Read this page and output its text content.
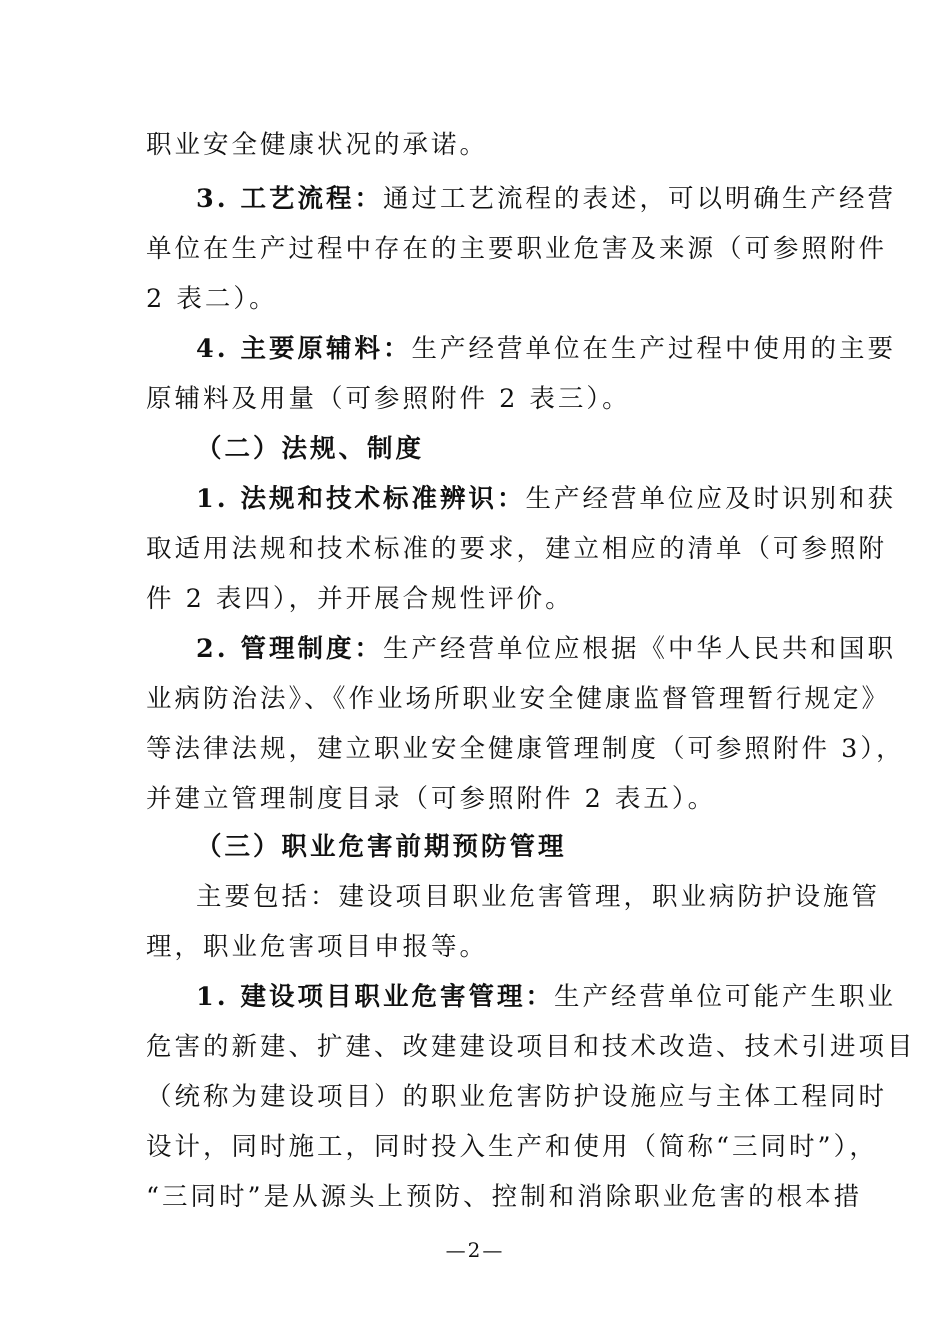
职业安全健康状况的承诺。
3. 工艺流程：通过工艺流程的表述，可以明确生产经营
单位在生产过程中存在的主要职业危害及来源（可参照附件
2 表二）。
4. 主要原辅料：生产经营单位在生产过程中使用的主要
原辅料及用量（可参照附件 2 表三）。
（二）法规、制度
1. 法规和技术标准辨识：生产经营单位应及时识别和获
取适用法规和技术标准的要求，建立相应的清单（可参照附
件 2 表四），并开展合规性评价。
2. 管理制度：生产经营单位应根据《中华人民共和国职
业病防治法》、《作业场所职业安全健康监督管理暂行规定》
等法律法规，建立职业安全健康管理制度（可参照附件 3），
并建立管理制度目录（可参照附件 2 表五）。
（三）职业危害前期预防管理
主要包括：建设项目职业危害管理，职业病防护设施管
理，职业危害项目申报等。
1. 建设项目职业危害管理：生产经营单位可能产生职业
危害的新建、扩建、改建建设项目和技术改造、技术引进项目
（统称为建设项目）的职业危害防护设施应与主体工程同时
设计，同时施工，同时投入生产和使用（简称“三同时”），
“三同时”是从源头上预防、控制和消除职业危害的根本措
—2—
